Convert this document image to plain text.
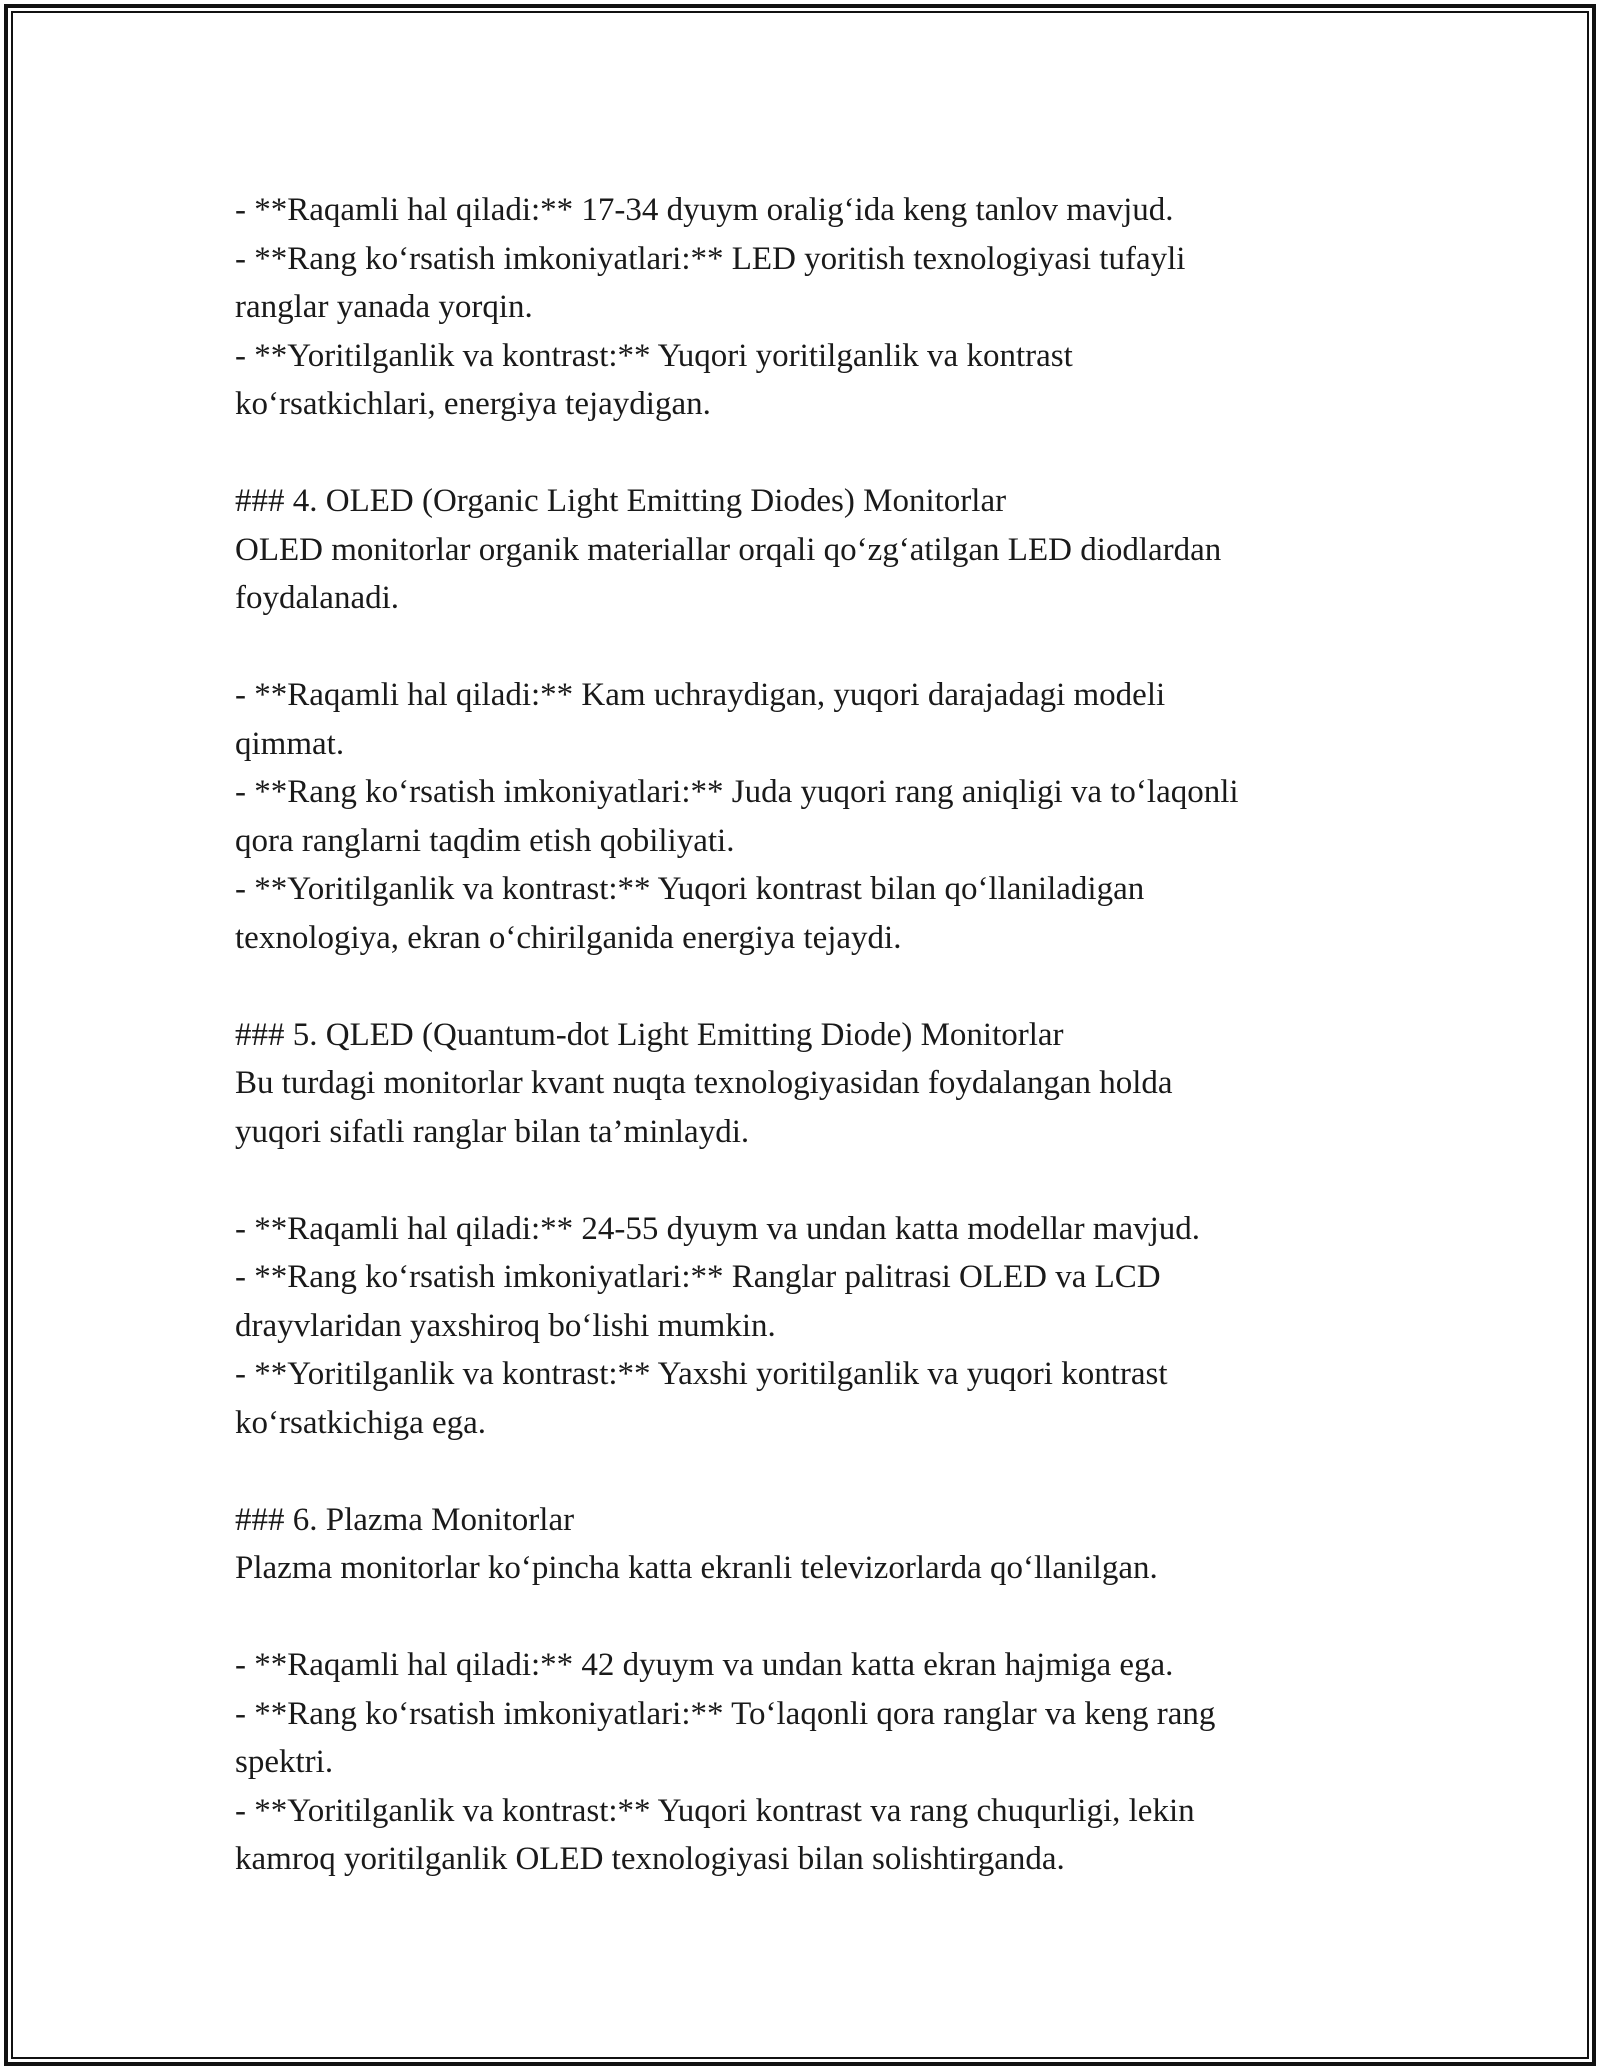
- **Raqamli hal qiladi:** 17-34 dyuym oralig‘ida keng tanlov mavjud.
- **Rang ko‘rsatish imkoniyatlari:** LED yoritish texnologiyasi tufayli
ranglar yanada yorqin.
- **Yoritilganlik va kontrast:** Yuqori yoritilganlik va kontrast
ko‘rsatkichlari, energiya tejaydigan.
### 4. OLED (Organic Light Emitting Diodes) Monitorlar
OLED monitorlar organik materiallar orqali qo‘zg‘atilgan LED diodlardan
foydalanadi.
- **Raqamli hal qiladi:** Kam uchraydigan, yuqori darajadagi modeli
qimmat.
- **Rang ko‘rsatish imkoniyatlari:** Juda yuqori rang aniqligi va to‘laqonli
qora ranglarni taqdim etish qobiliyati.
- **Yoritilganlik va kontrast:** Yuqori kontrast bilan qo‘llaniladigan
texnologiya, ekran o‘chirilganida energiya tejaydi.
### 5. QLED (Quantum-dot Light Emitting Diode) Monitorlar
Bu turdagi monitorlar kvant nuqta texnologiyasidan foydalangan holda
yuqori sifatli ranglar bilan ta’minlaydi.
- **Raqamli hal qiladi:** 24-55 dyuym va undan katta modellar mavjud.
- **Rang ko‘rsatish imkoniyatlari:** Ranglar palitrasi OLED va LCD
drayvlaridan yaxshiroq bo‘lishi mumkin.
- **Yoritilganlik va kontrast:** Yaxshi yoritilganlik va yuqori kontrast
ko‘rsatkichiga ega.
### 6. Plazma Monitorlar
Plazma monitorlar ko‘pincha katta ekranli televizorlarda qo‘llanilgan.
- **Raqamli hal qiladi:** 42 dyuym va undan katta ekran hajmiga ega.
- **Rang ko‘rsatish imkoniyatlari:** To‘laqonli qora ranglar va keng rang
spektri.
- **Yoritilganlik va kontrast:** Yuqori kontrast va rang chuqurligi, lekin
kamroq yoritilganlik OLED texnologiyasi bilan solishtirganda.
